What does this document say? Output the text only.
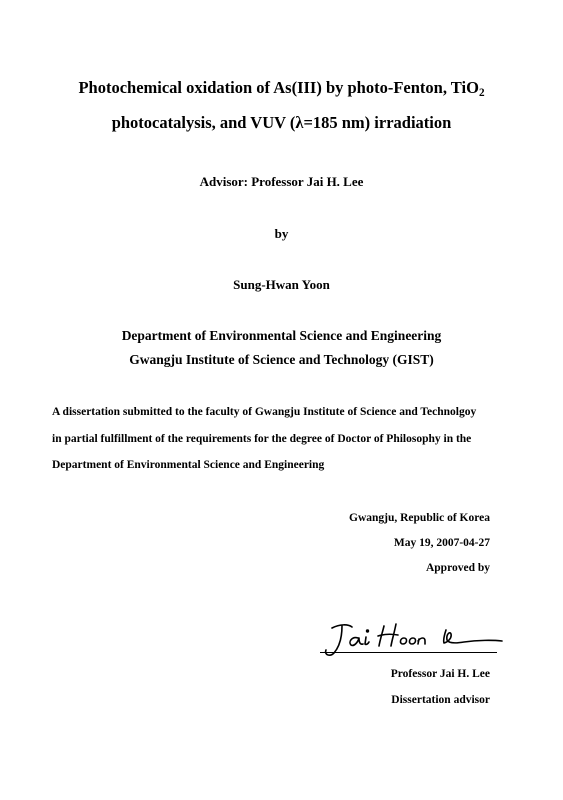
Photochemical oxidation of As(III) by photo-Fenton, TiO$_2$
photocatalysis, and VUV (λ=185 nm) irradiation
Advisor: Professor Jai H. Lee
by
Sung-Hwan Yoon
Department of Environmental Science and Engineering
Gwangju Institute of Science and Technology (GIST)
A dissertation submitted to the faculty of Gwangju Institute of Science and Technolgoy
in partial fulfillment of the requirements for the degree of Doctor of Philosophy in the
Department of Environmental Science and Engineering
Gwangju, Republic of Korea
May 19, 2007-04-27
Approved by
Professor Jai H. Lee
Dissertation advisor
